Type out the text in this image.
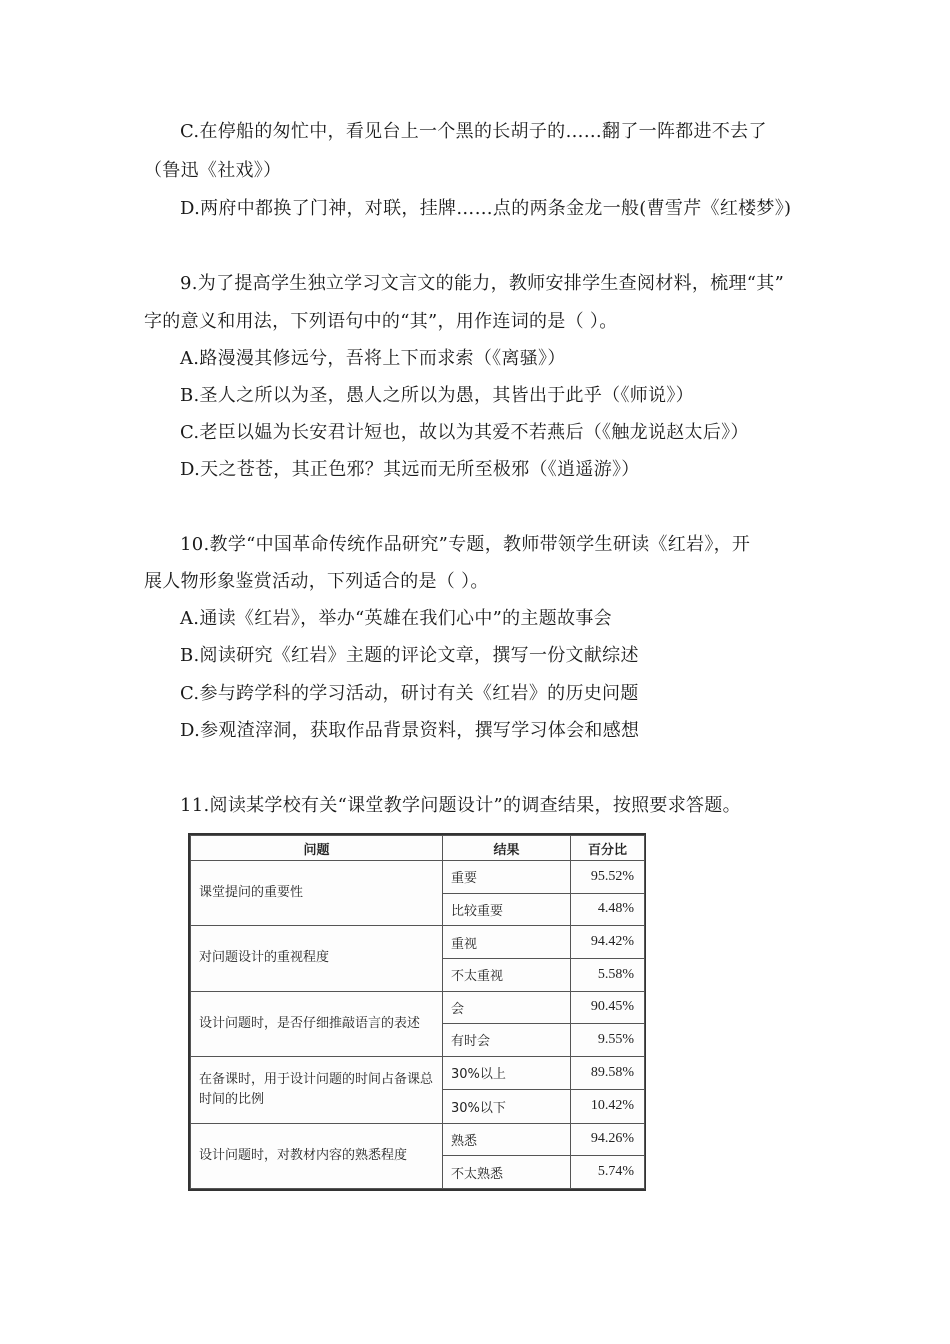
C.在停船的匆忙中，看见台上一个黑的长胡子的……翻了一阵都进不去了
（鲁迅《社戏》）
D.两府中都换了门神，对联，挂牌……点的两条金龙一般(曹雪芹《红楼梦》)
9.为了提高学生独立学习文言文的能力，教师安排学生查阅材料，梳理“其”
字的意义和用法，下列语句中的“其”，用作连词的是（ ）。
A.路漫漫其修远兮，吾将上下而求索（《离骚》）
B.圣人之所以为圣，愚人之所以为愚，其皆出于此乎（《师说》）
C.老臣以媪为长安君计短也，故以为其爱不若燕后（《触龙说赵太后》）
D.天之苍苍，其正色邪？其远而无所至极邪（《逍遥游》）
10.教学“中国革命传统作品研究”专题，教师带领学生研读《红岩》，开
展人物形象鉴赏活动，下列适合的是（ ）。
A.通读《红岩》，举办“英雄在我们心中”的主题故事会
B.阅读研究《红岩》主题的评论文章，撰写一份文献综述
C.参与跨学科的学习活动，研讨有关《红岩》的历史问题
D.参观渣滓洞，获取作品背景资料，撰写学习体会和感想
11.阅读某学校有关“课堂教学问题设计”的调查结果，按照要求答题。
问题	结果	百分比
课堂提问的重要性	重要	95.52%
	比较重要	4.48%
对问题设计的重视程度	重视	94.42%
	不太重视	5.58%
设计问题时，是否仔细推敲语言的表述	会	90.45%
	有时会	9.55%
在备课时，用于设计问题的时间占备课总时间的比例	30%以上	89.58%
	30%以下	10.42%
设计问题时，对教材内容的熟悉程度	熟悉	94.26%
	不太熟悉	5.74%
